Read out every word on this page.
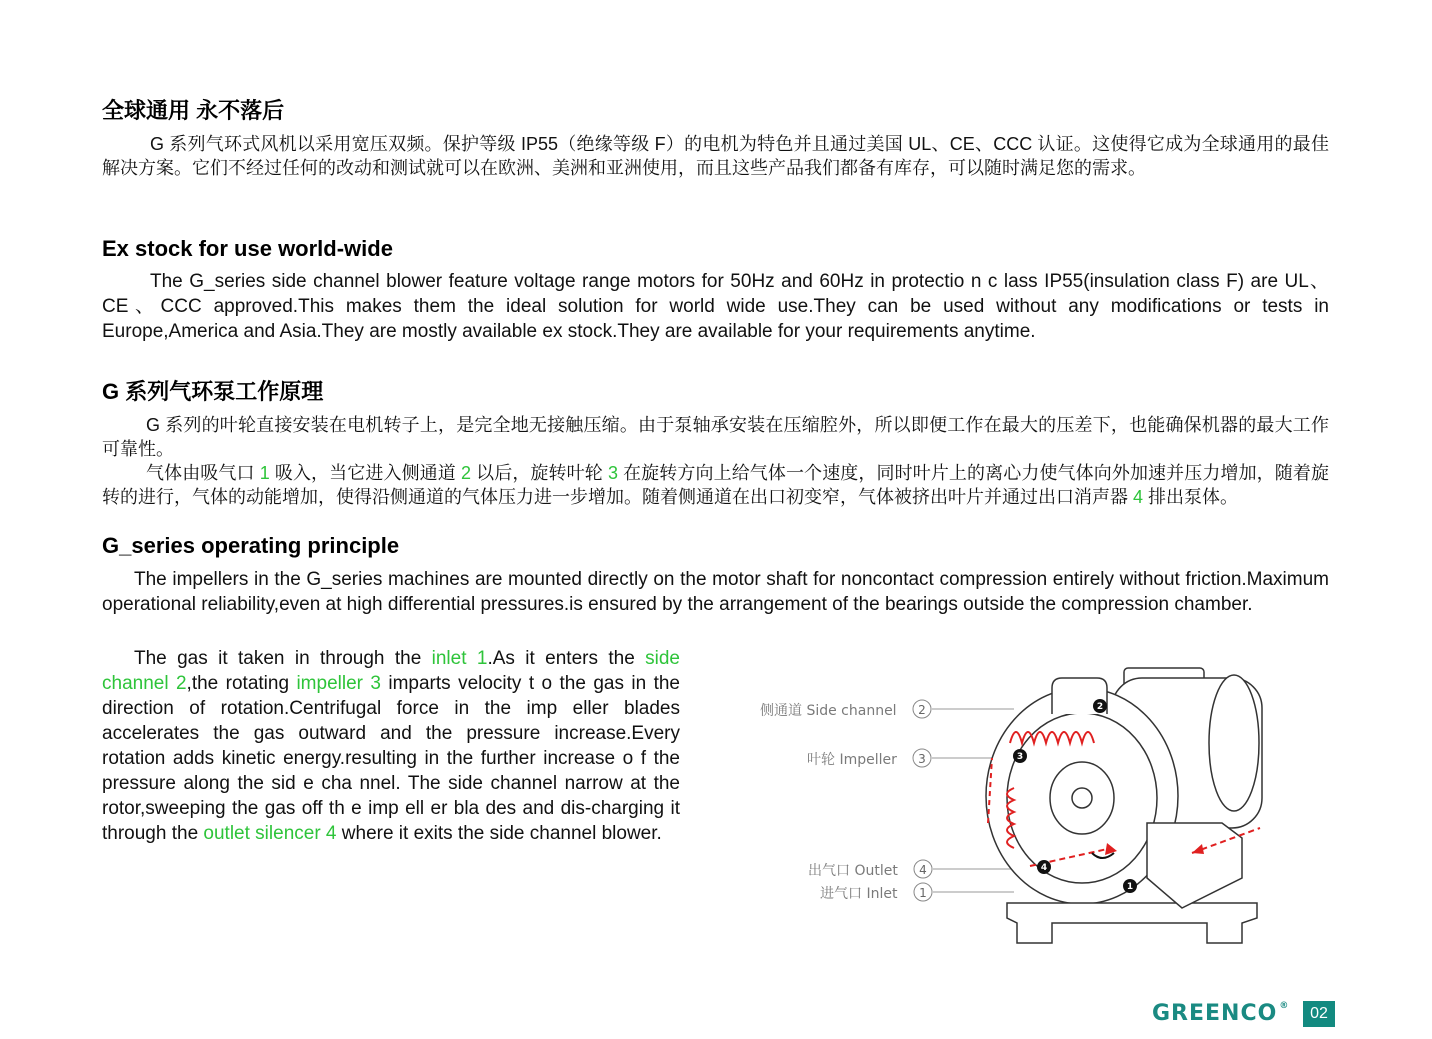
全球通用 永不落后

G 系列气环式风机以采用宽压双频。保护等级 IP55（绝缘等级 F）的电机为特色并且通过美国 UL、CE、CCC 认证。这使得它成为全球通用的最佳解决方案。它们不经过任何的改动和测试就可以在欧洲、美洲和亚洲使用，而且这些产品我们都备有库存，可以随时满足您的需求。

Ex stock for use world-wide

The G_series side channel blower feature voltage range motors for 50Hz and 60Hz in protectio n c lass IP55(insulation class F) are UL、CE、CCC approved.This makes them the ideal solution for world wide use.They can be used without any modifications or tests in Europe,America and Asia.They are mostly available ex stock.They are available for your requirements anytime.

G 系列气环泵工作原理

G 系列的叶轮直接安装在电机转子上，是完全地无接触压缩。由于泵轴承安装在压缩腔外，所以即便工作在最大的压差下，也能确保机器的最大工作可靠性。

气体由吸气口 1 吸入，当它进入侧通道 2 以后，旋转叶轮 3 在旋转方向上给气体一个速度，同时叶片上的离心力使气体向外加速并压力增加，随着旋转的进行，气体的动能增加，使得沿侧通道的气体压力进一步增加。随着侧通道在出口初变窄，气体被挤出叶片并通过出口消声器 4 排出泵体。

G_series operating principle

The impellers in the G_series machines are mounted directly on the motor shaft for noncontact compression entirely without friction.Maximum operational reliability,even at high differential pressures.is ensured by the arrangement of the bearings outside the compression chamber.

The gas it taken in through the inlet 1.As it enters the side channel 2,the rotating impeller 3 imparts velocity t o the gas in the direction of rotation.Centrifugal force in the imp eller blades accelerates the gas outward and the pressure increase.Every rotation adds kinetic energy.resulting in the further increase o f the pressure along the sid e cha nnel. The side channel narrow at the rotor,sweeping the gas off th e imp ell er bla des and dis-charging it through the outlet silencer 4 where it exits the side channel blower.

侧通道 Side channel 2
叶轮 Impeller 3
出气口 Outlet 4
进气口 Inlet 1	1
2
3
4
GREENCO ®	02
